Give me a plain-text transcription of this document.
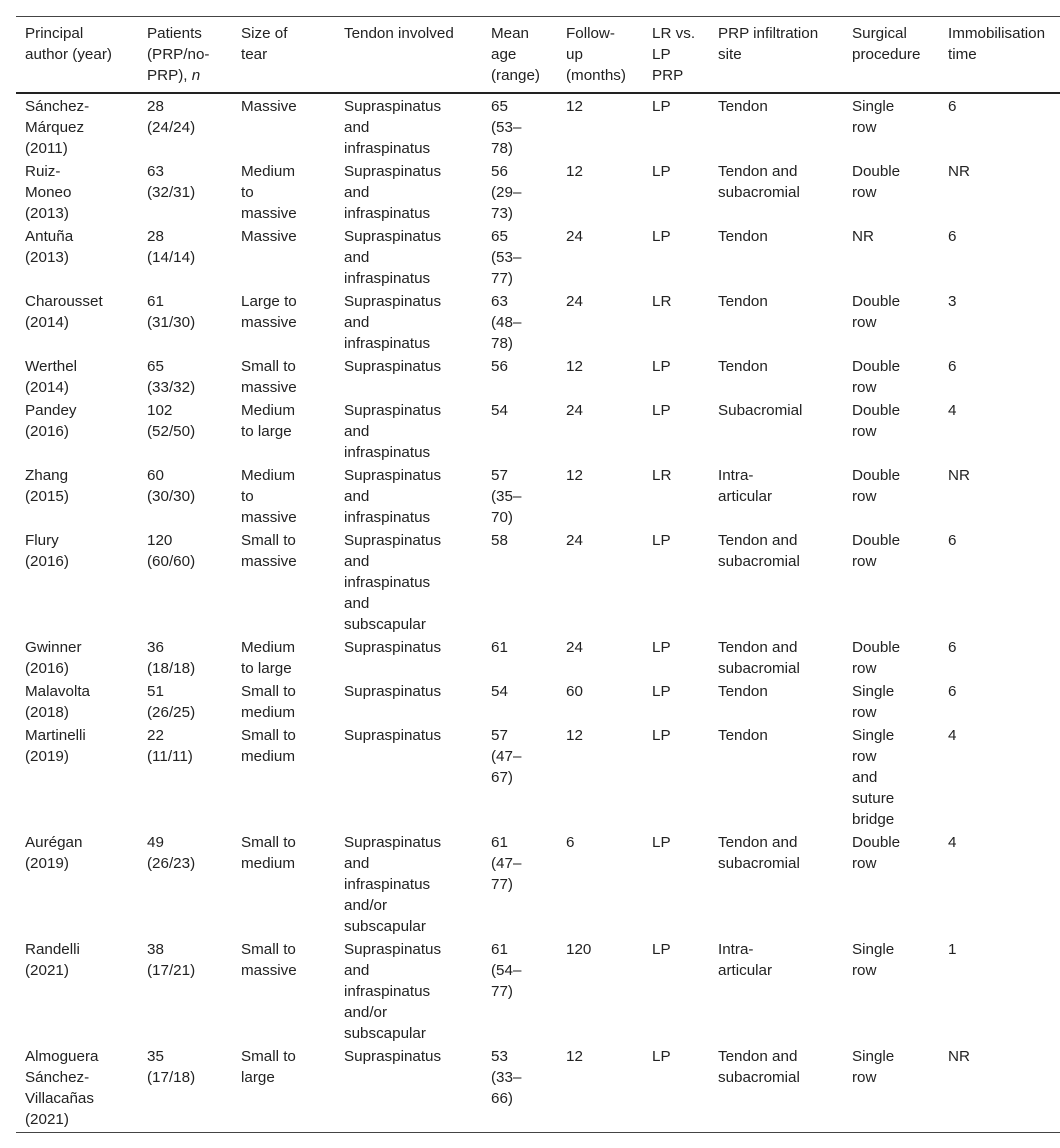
Principal
author (year)	Patients
(PRP/no-
PRP), n	Size of
tear	Tendon involved	Mean
age
(range)	Follow-
up
(months)	LR vs.
LP
PRP	PRP infiltration
site	Surgical
procedure	Immobilisation
time
Sánchez-
Márquez
(2011)	28
(24/24)	Massive	Supraspinatus
and
infraspinatus	65
(53–
78)	12	LP	Tendon	Single
row	6
Ruiz-
Moneo
(2013)	63
(32/31)	Medium
to
massive	Supraspinatus
and
infraspinatus	56
(29–
73)	12	LP	Tendon and
subacromial	Double
row	NR
Antuña
(2013)	28
(14/14)	Massive	Supraspinatus
and
infraspinatus	65
(53–
77)	24	LP	Tendon	NR	6
Charousset
(2014)	61
(31/30)	Large to
massive	Supraspinatus
and
infraspinatus	63
(48–
78)	24	LR	Tendon	Double
row	3
Werthel
(2014)	65
(33/32)	Small to
massive	Supraspinatus	56	12	LP	Tendon	Double
row	6
Pandey
(2016)	102
(52/50)	Medium
to large	Supraspinatus
and
infraspinatus	54	24	LP	Subacromial	Double
row	4
Zhang
(2015)	60
(30/30)	Medium
to
massive	Supraspinatus
and
infraspinatus	57
(35–
70)	12	LR	Intra-
articular	Double
row	NR
Flury
(2016)	120
(60/60)	Small to
massive	Supraspinatus
and
infraspinatus
and
subscapular	58	24	LP	Tendon and
subacromial	Double
row	6
Gwinner
(2016)	36
(18/18)	Medium
to large	Supraspinatus	61	24	LP	Tendon and
subacromial	Double
row	6
Malavolta
(2018)	51
(26/25)	Small to
medium	Supraspinatus	54	60	LP	Tendon	Single
row	6
Martinelli
(2019)	22
(11/11)	Small to
medium	Supraspinatus	57
(47–
67)	12	LP	Tendon	Single
row
and
suture
bridge	4
Aurégan
(2019)	49
(26/23)	Small to
medium	Supraspinatus
and
infraspinatus
and/or
subscapular	61
(47–
77)	6	LP	Tendon and
subacromial	Double
row	4
Randelli
(2021)	38
(17/21)	Small to
massive	Supraspinatus
and
infraspinatus
and/or
subscapular	61
(54–
77)	120	LP	Intra-
articular	Single
row	1
Almoguera
Sánchez-
Villacañas
(2021)	35
(17/18)	Small to
large	Supraspinatus	53
(33–
66)	12	LP	Tendon and
subacromial	Single
row	NR
